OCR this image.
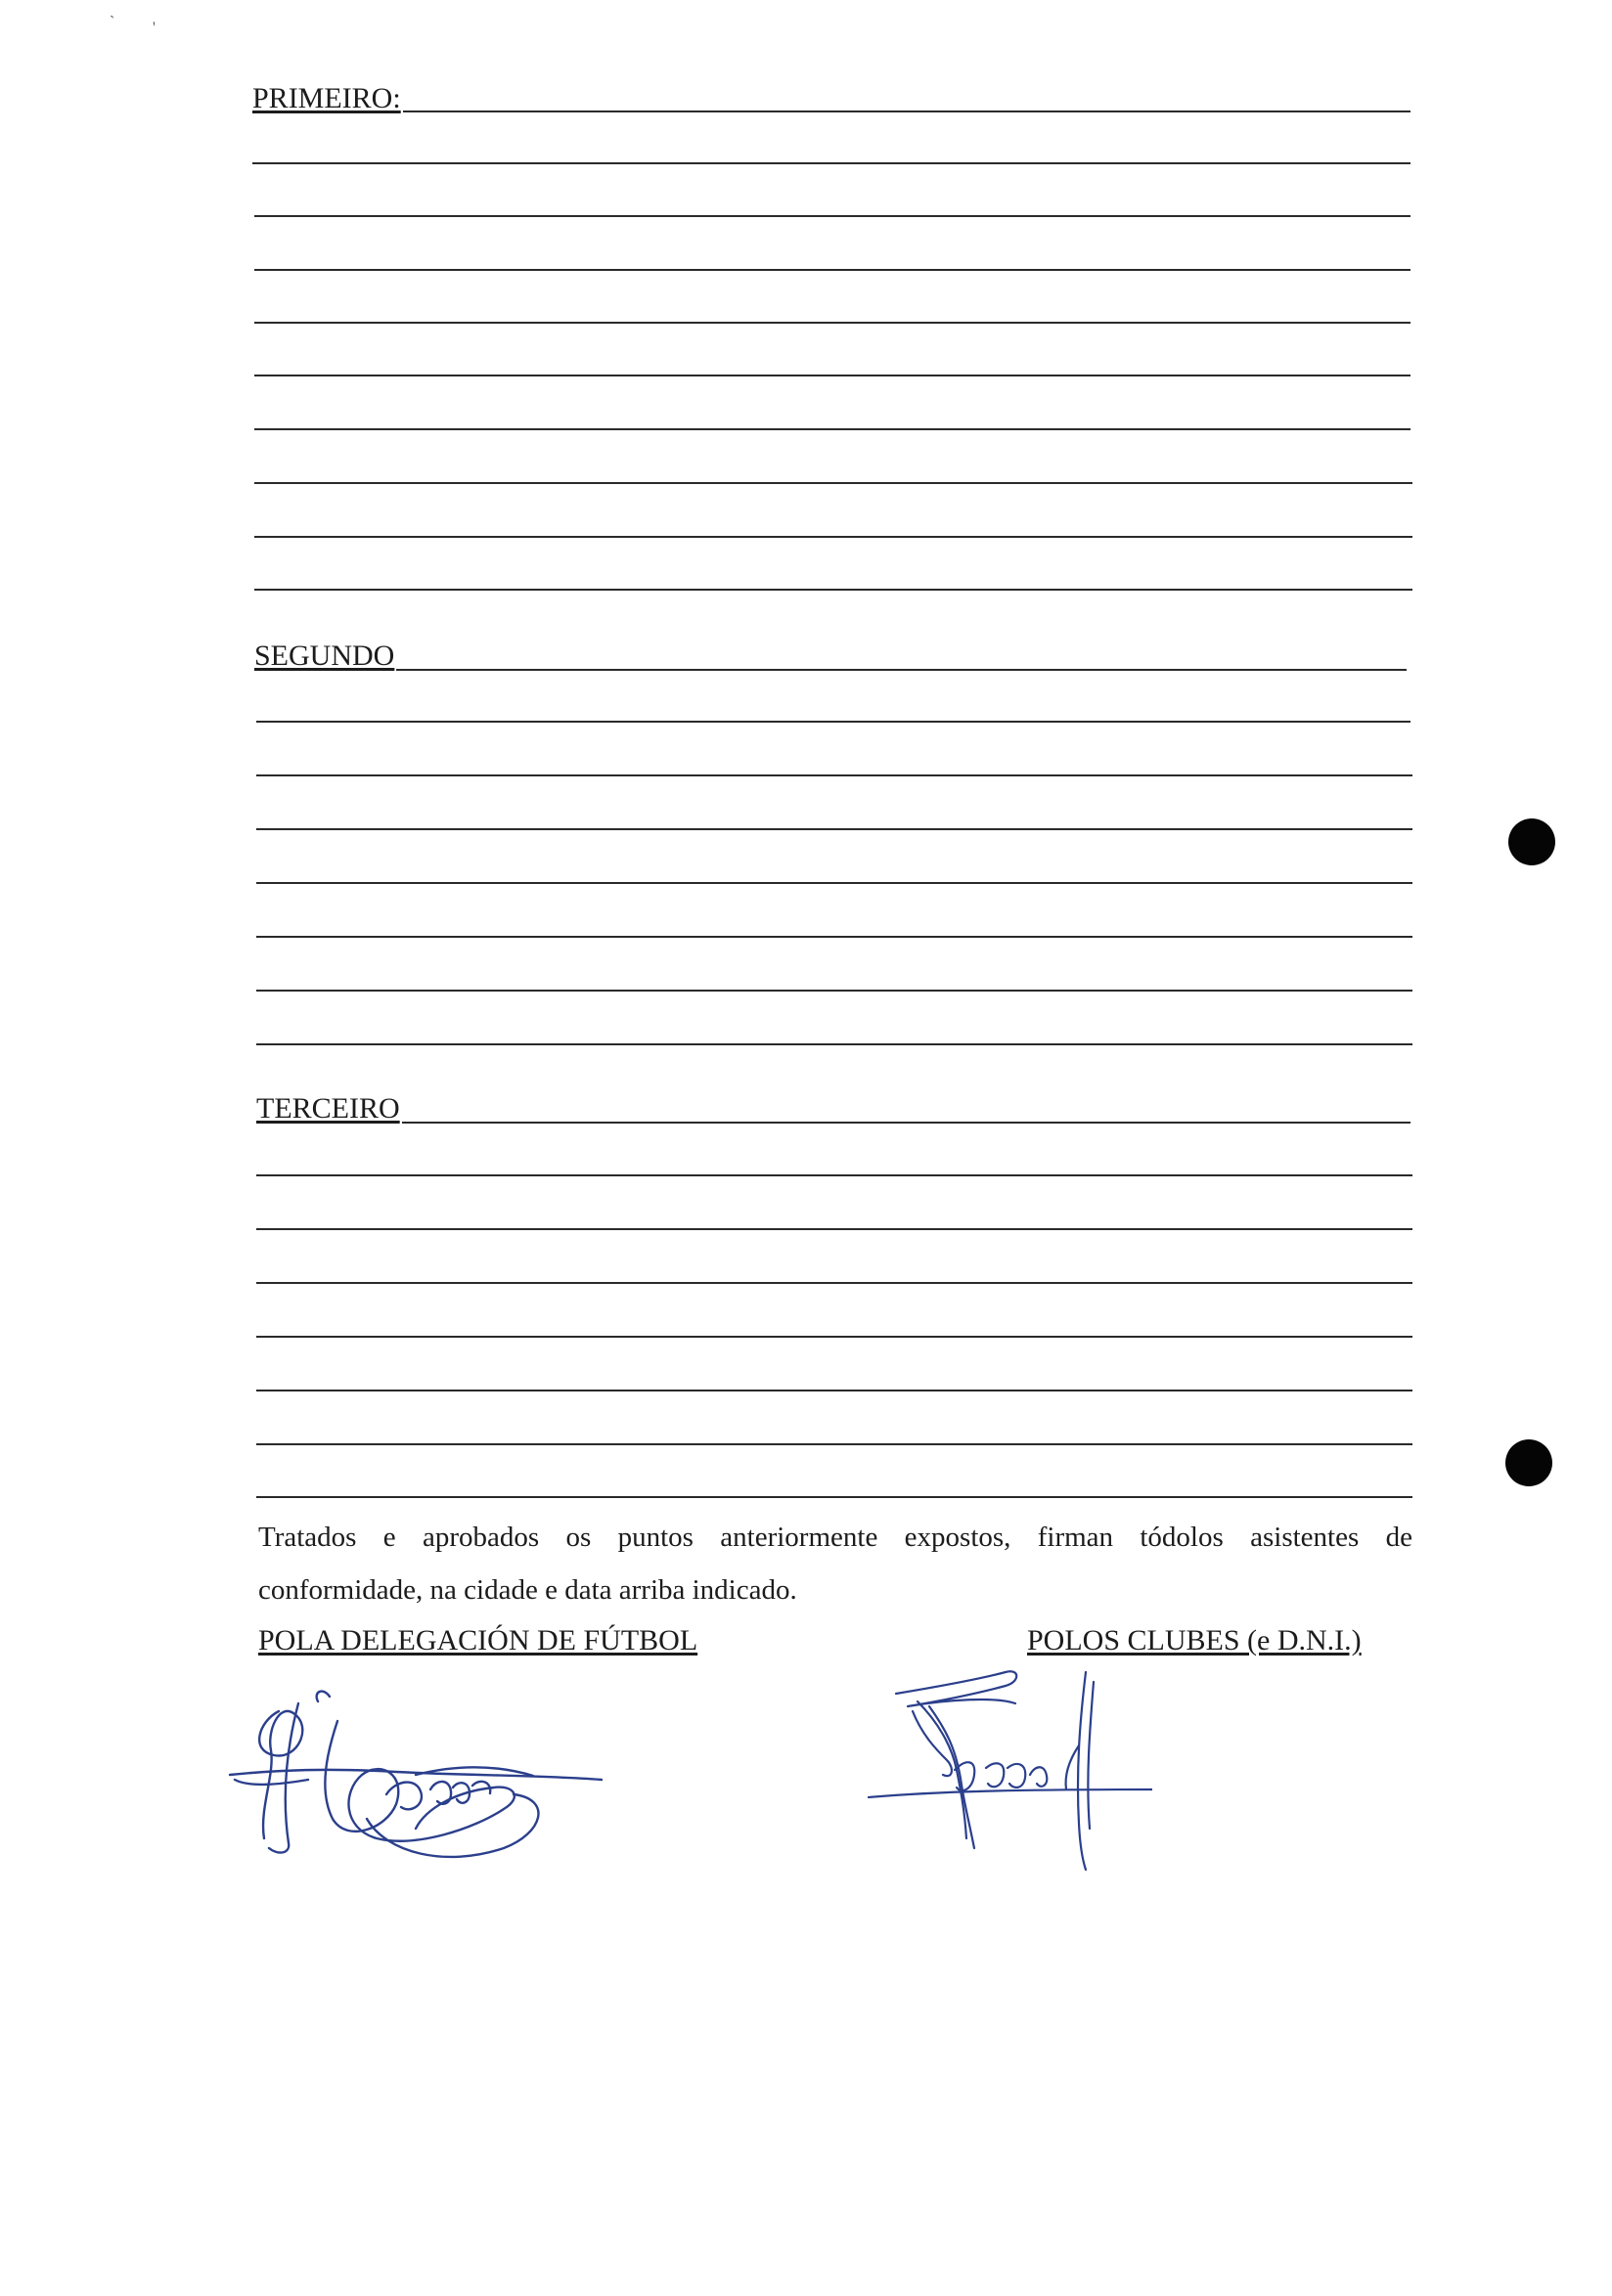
` '
PRIMEIRO:
SEGUNDO
TERCEIRO
Tratados e aprobados os puntos anteriormente expostos, firman tódolos asistentes de
conformidade, na cidade e data arriba indicado.
POLA DELEGACIÓN DE FÚTBOL	POLOS CLUBES (e D.N.I.)
